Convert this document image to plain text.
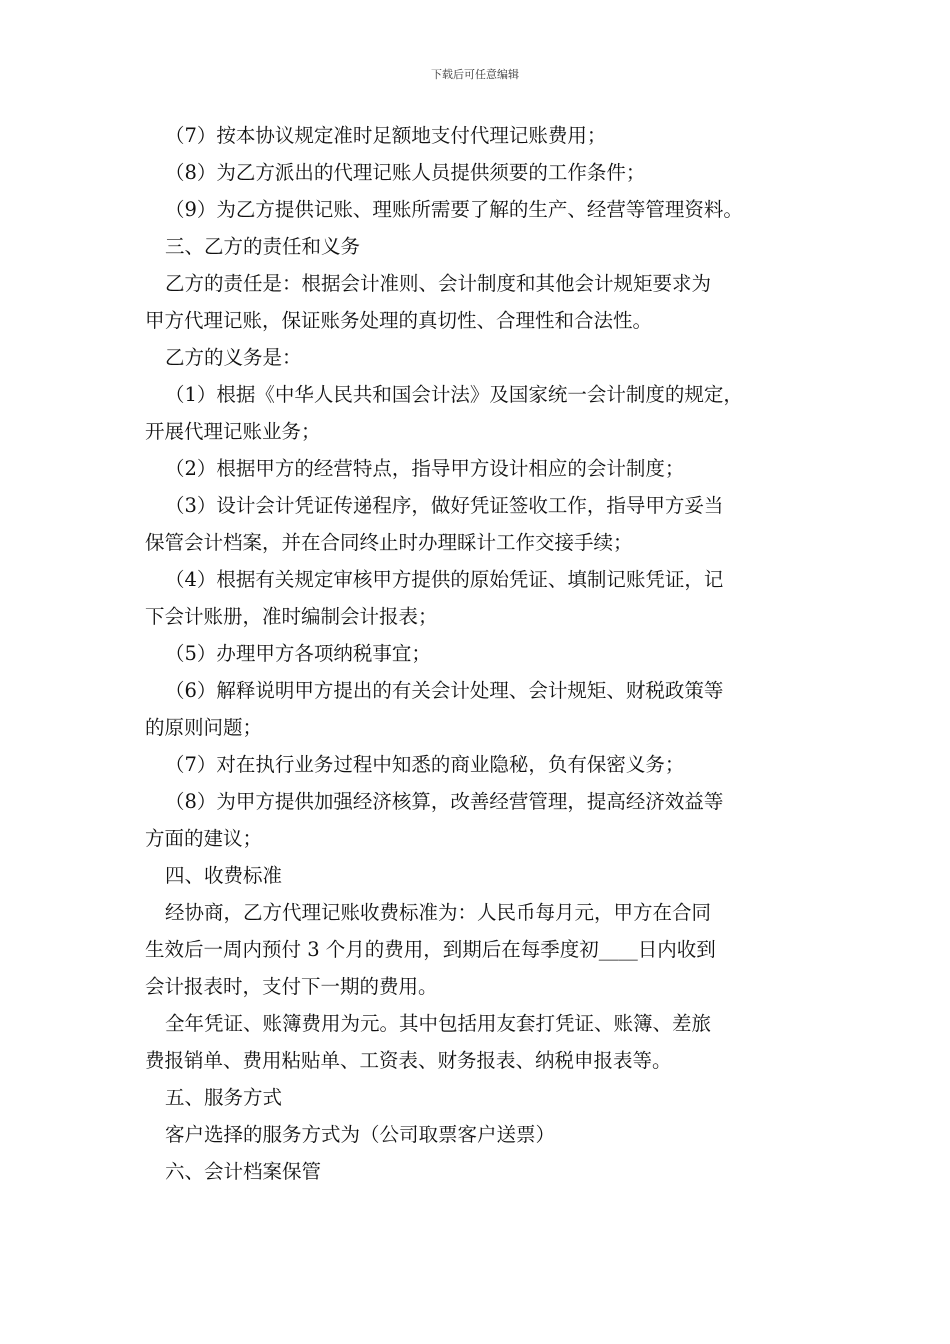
下载后可任意编辑
（7）按本协议规定准时足额地支付代理记账费用；
（8）为乙方派出的代理记账人员提供须要的工作条件；
（9）为乙方提供记账、理账所需要了解的生产、经营等管理资料。
三、乙方的责任和义务
乙方的责任是：根据会计准则、会计制度和其他会计规矩要求为
甲方代理记账，保证账务处理的真切性、合理性和合法性。
乙方的义务是：
（1）根据《中华人民共和国会计法》及国家统一会计制度的规定，
开展代理记账业务；
（2）根据甲方的经营特点，指导甲方设计相应的会计制度；
（3）设计会计凭证传递程序，做好凭证签收工作，指导甲方妥当
保管会计档案，并在合同终止时办理睬计工作交接手续；
（4）根据有关规定审核甲方提供的原始凭证、填制记账凭证，记
下会计账册，准时编制会计报表；
（5）办理甲方各项纳税事宜；
（6）解释说明甲方提出的有关会计处理、会计规矩、财税政策等
的原则问题；
（7）对在执行业务过程中知悉的商业隐秘，负有保密义务；
（8）为甲方提供加强经济核算，改善经营管理，提高经济效益等
方面的建议；
四、收费标准
经协商，乙方代理记账收费标准为：人民币每月元，甲方在合同
生效后一周内预付 3 个月的费用，到期后在每季度初____日内收到
会计报表时，支付下一期的费用。
全年凭证、账簿费用为元。其中包括用友套打凭证、账簿、差旅
费报销单、费用粘贴单、工资表、财务报表、纳税申报表等。
五、服务方式
客户选择的服务方式为（公司取票客户送票）
六、会计档案保管
